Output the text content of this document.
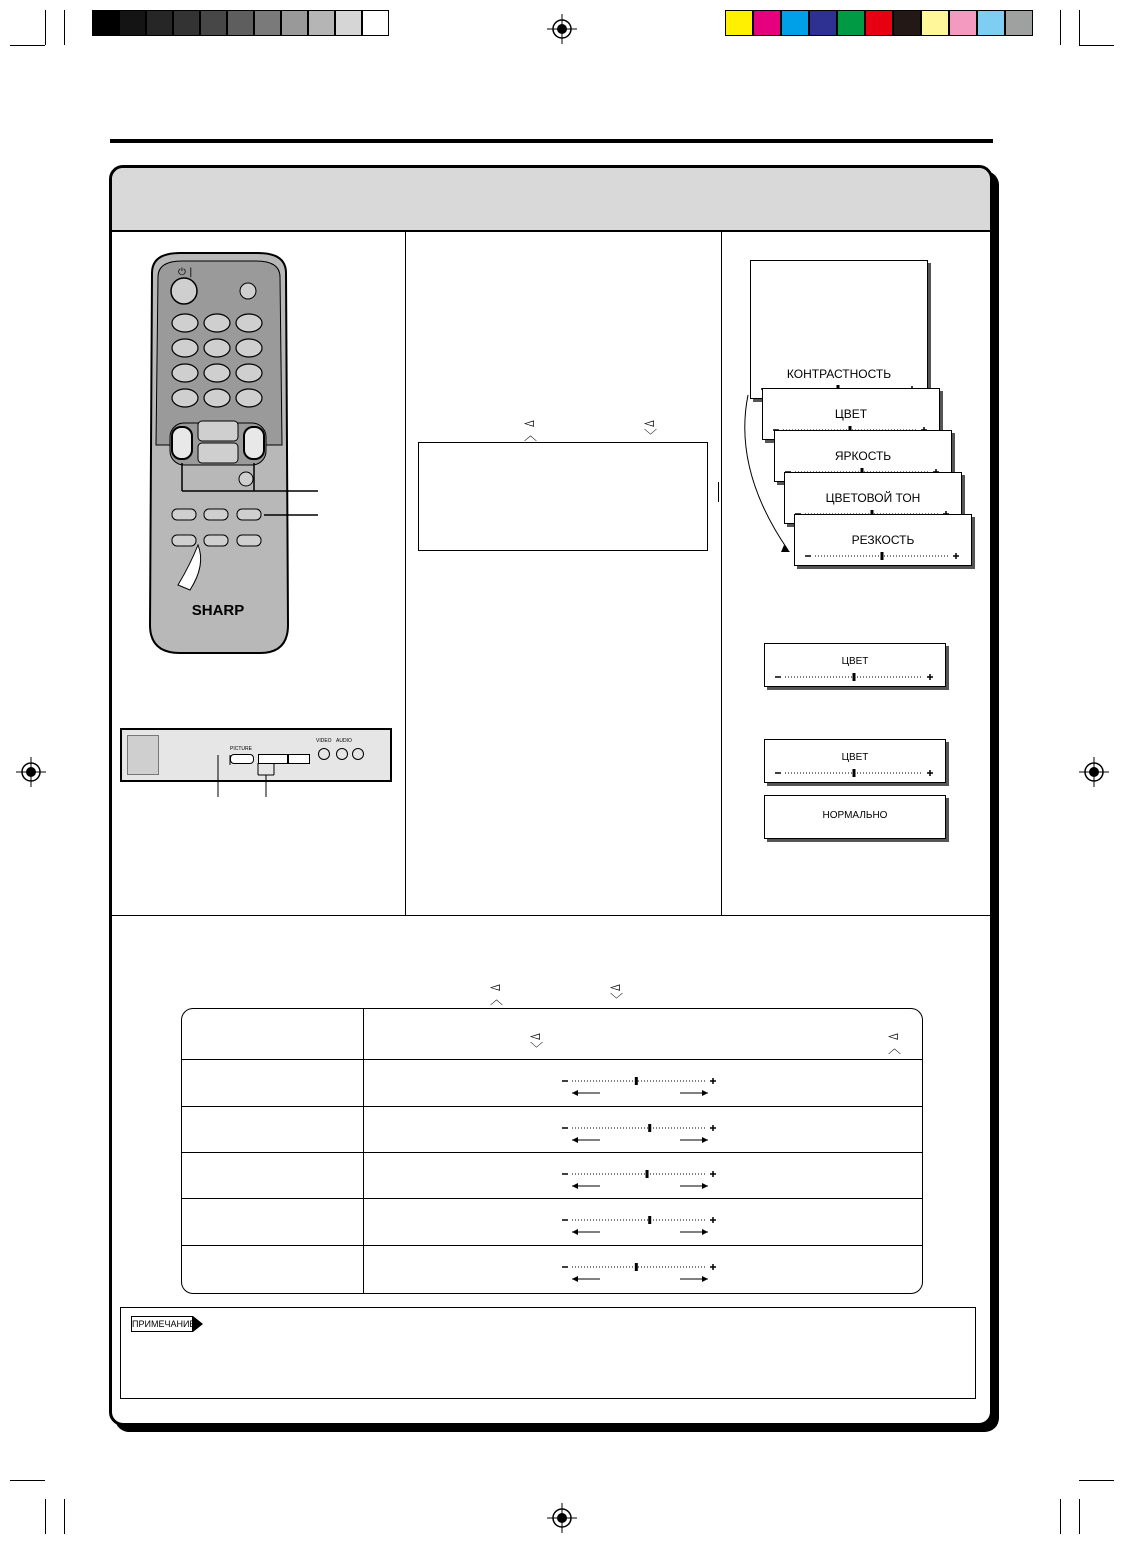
⏻ |
SHARP
PICTURE
VIDEO AUDIO
◅
︿
◅
﹀
КОНТРАСТНОСТЬ
ЦВЕТ
ЯРКОСТЬ
ЦВЕТОВОЙ ТОН
РЕЗКОСТЬ
ЦВЕТ
ЦВЕТ
НОРМАЛЬНО
◅
︿
◅
﹀
◅
﹀
◅
︿
ПРИМЕЧАНИЕ
